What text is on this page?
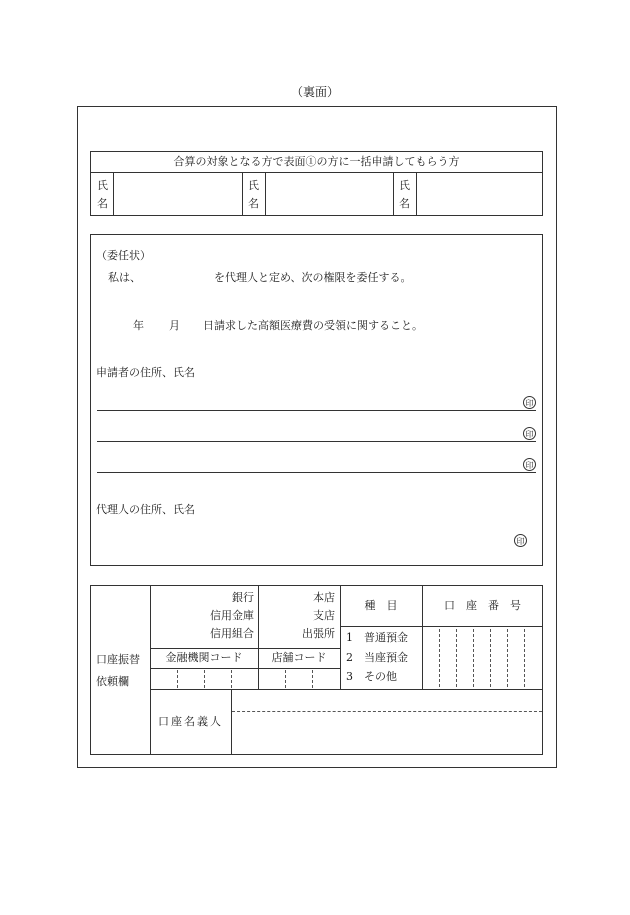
（裏面）
合算の対象となる方で表面①の方に一括申請してもらう方
氏
名
氏
名
氏
名
（委任状）
私は、	を代理人と定め、次の権限を委任する。
年 月 日請求した高額医療費の受領に関すること。
申請者の住所、氏名
印
印
印
代理人の住所、氏名
印
口座振替
依頼欄
銀行
信用金庫
信用組合
本店
支店
出張所
金融機関コード	店舗コード
種　目
1　普通預金
2　当座預金
3　その他
口　座　番　号
口座名義人
